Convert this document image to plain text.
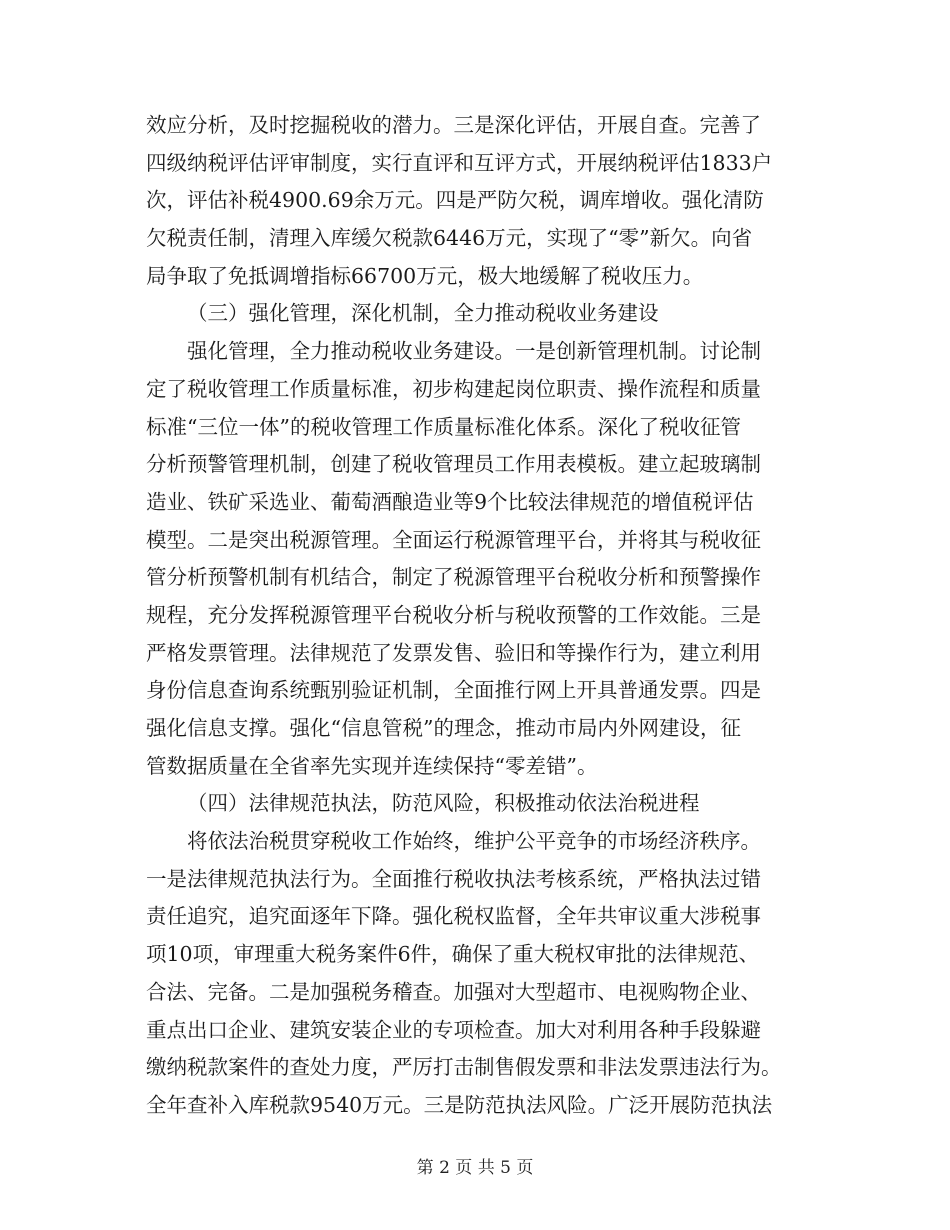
效应分析，及时挖掘税收的潜力。三是深化评估，开展自查。完善了
四级纳税评估评审制度，实行直评和互评方式，开展纳税评估1833户
次，评估补税4900.69余万元。四是严防欠税，调库增收。强化清防
欠税责任制，清理入库缓欠税款6446万元，实现了“零”新欠。向省
局争取了免抵调增指标66700万元，极大地缓解了税收压力。
（三）强化管理，深化机制，全力推动税收业务建设
强化管理，全力推动税收业务建设。一是创新管理机制。讨论制
定了税收管理工作质量标准，初步构建起岗位职责、操作流程和质量
标准“三位一体”的税收管理工作质量标准化体系。深化了税收征管
分析预警管理机制，创建了税收管理员工作用表模板。建立起玻璃制
造业、铁矿采选业、葡萄酒酿造业等9个比较法律规范的增值税评估
模型。二是突出税源管理。全面运行税源管理平台，并将其与税收征
管分析预警机制有机结合，制定了税源管理平台税收分析和预警操作
规程，充分发挥税源管理平台税收分析与税收预警的工作效能。三是
严格发票管理。法律规范了发票发售、验旧和等操作行为，建立利用
身份信息查询系统甄别验证机制，全面推行网上开具普通发票。四是
强化信息支撑。强化“信息管税”的理念，推动市局内外网建设，征
管数据质量在全省率先实现并连续保持“零差错”。
（四）法律规范执法，防范风险，积极推动依法治税进程
将依法治税贯穿税收工作始终，维护公平竞争的市场经济秩序。
一是法律规范执法行为。全面推行税收执法考核系统，严格执法过错
责任追究，追究面逐年下降。强化税权监督，全年共审议重大涉税事
项10项，审理重大税务案件6件，确保了重大税权审批的法律规范、
合法、完备。二是加强税务稽查。加强对大型超市、电视购物企业、
重点出口企业、建筑安装企业的专项检查。加大对利用各种手段躲避
缴纳税款案件的查处力度，严厉打击制售假发票和非法发票违法行为。
全年查补入库税款9540万元。三是防范执法风险。广泛开展防范执法
第 2 页 共 5 页
